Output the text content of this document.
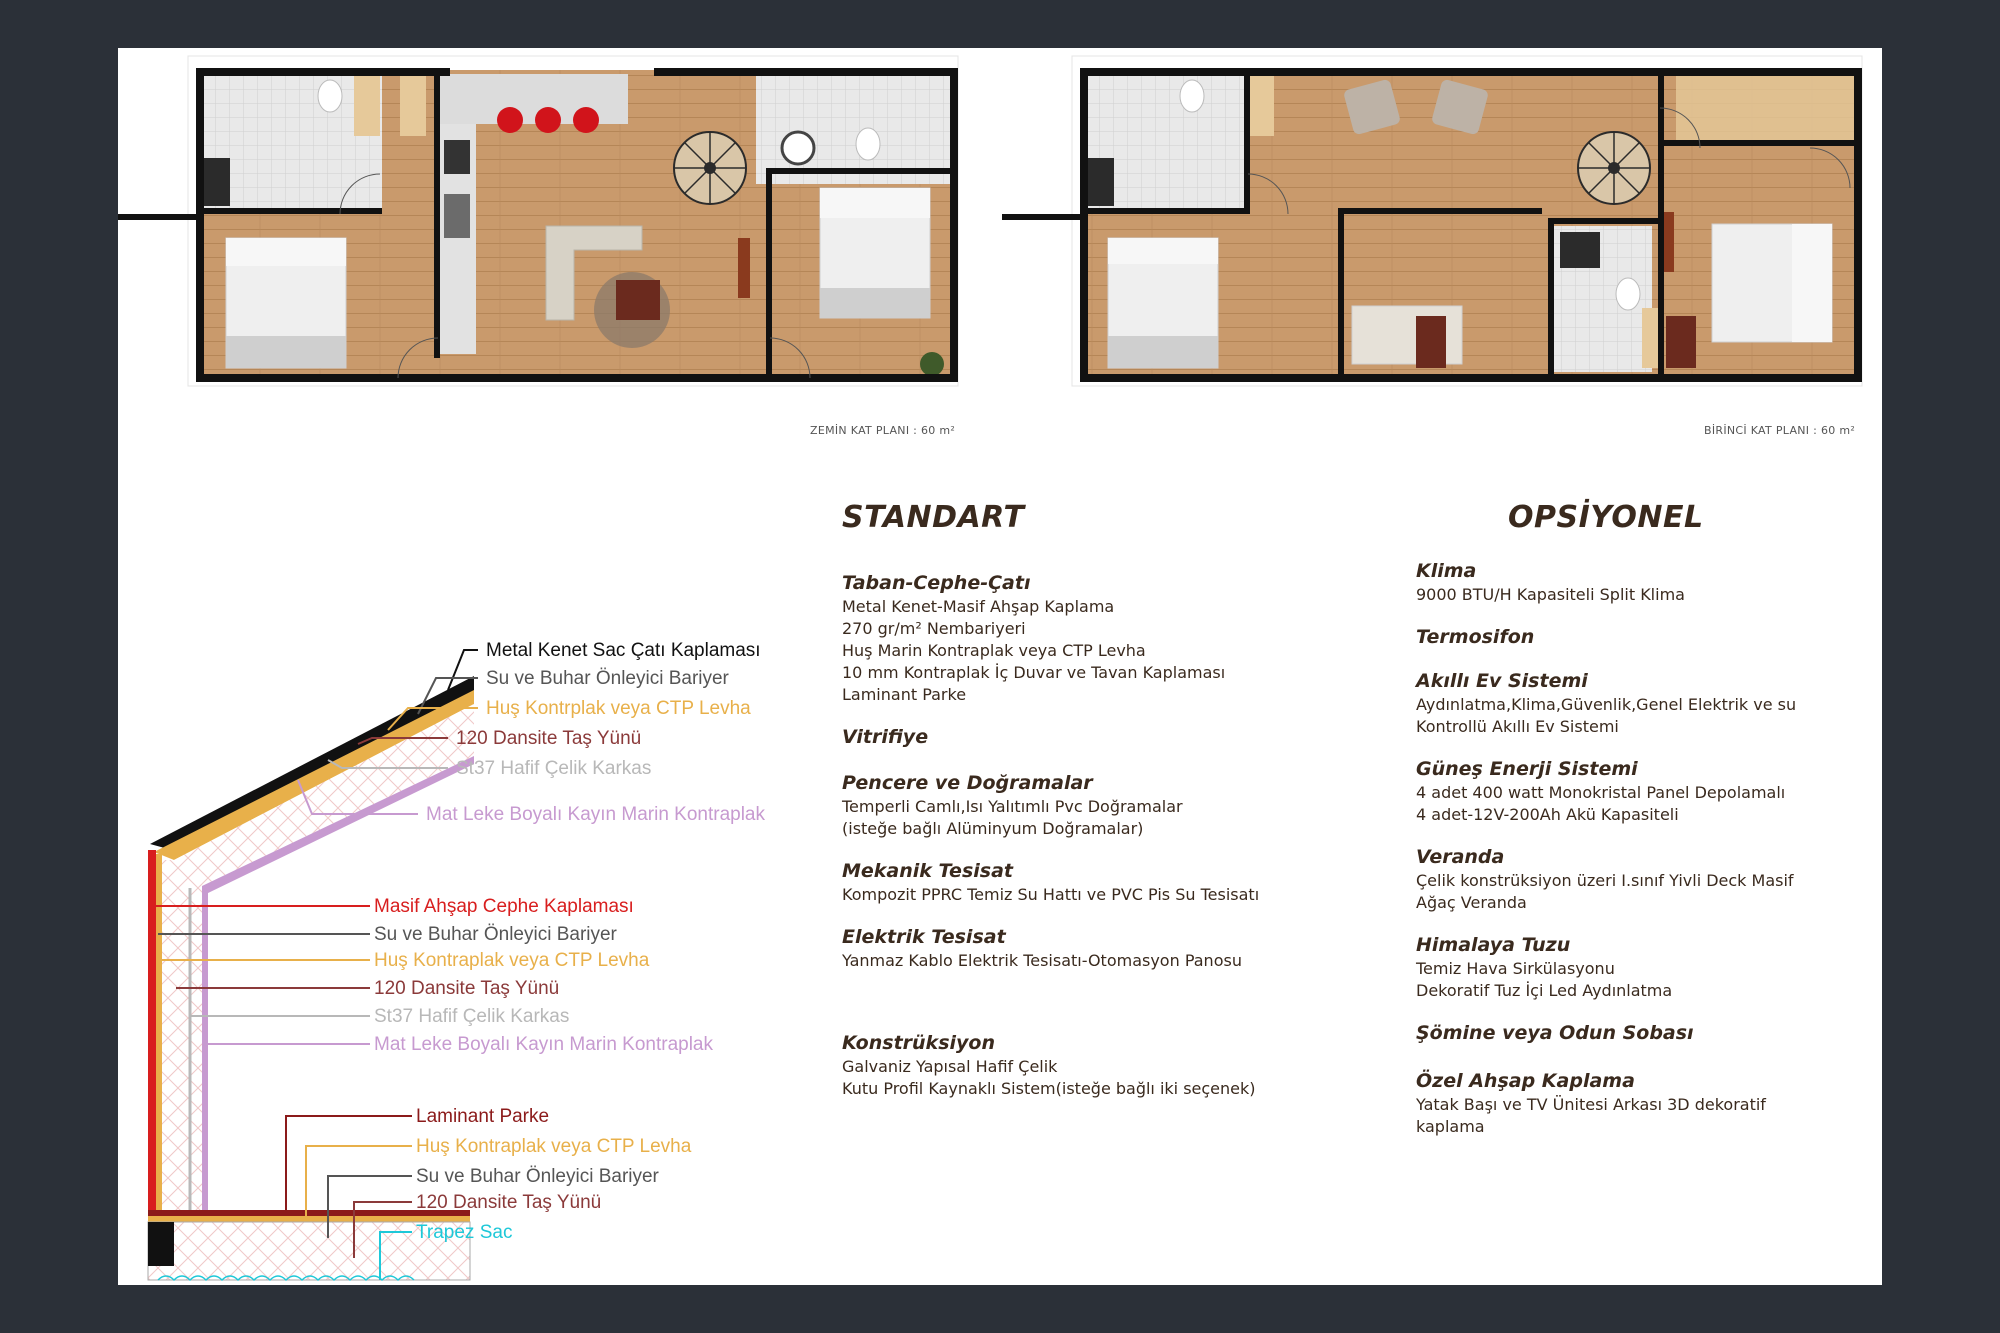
ZEMİN KAT PLANI : 60 m²	BİRİNCİ KAT PLANI : 60 m²
Metal Kenet Sac Çatı Kaplaması
Su ve Buhar Önleyici Bariyer
Huş Kontrplak veya CTP Levha
120 Dansite Taş Yünü
St37 Hafif Çelik Karkas
Mat Leke Boyalı Kayın Marin Kontraplak
Masif Ahşap Cephe Kaplaması
Su ve Buhar Önleyici Bariyer
Huş Kontraplak veya CTP Levha
120 Dansite Taş Yünü
St37 Hafif Çelik Karkas
Mat Leke Boyalı Kayın Marin Kontraplak
Laminant Parke
Huş Kontraplak veya CTP Levha
Su ve Buhar Önleyici Bariyer
120 Dansite Taş Yünü
Trapez Sac
STANDART
Taban-Cephe-Çatı
Metal Kenet-Masif Ahşap Kaplama
270 gr/m² Nembariyeri
Huş Marin Kontraplak veya CTP Levha
10 mm Kontraplak İç Duvar ve Tavan Kaplaması
Laminant Parke
Vitrifiye
Pencere ve Doğramalar
Temperli Camlı,Isı Yalıtımlı Pvc Doğramalar
(isteğe bağlı Alüminyum Doğramalar)
Mekanik Tesisat
Kompozit PPRC Temiz Su Hattı ve PVC Pis Su Tesisatı
Elektrik Tesisat
Yanmaz Kablo Elektrik Tesisatı-Otomasyon Panosu
Konstrüksiyon
Galvaniz Yapısal Hafif Çelik
Kutu Profil Kaynaklı Sistem(isteğe bağlı iki seçenek)
OPSİYONEL
Klima
9000 BTU/H Kapasiteli Split Klima
Termosifon
Akıllı Ev Sistemi
Aydınlatma,Klima,Güvenlik,Genel Elektrik ve su
Kontrollü Akıllı Ev Sistemi
Güneş Enerji Sistemi
4 adet 400 watt Monokristal Panel Depolamalı
4 adet-12V-200Ah Akü Kapasiteli
Veranda
Çelik konstrüksiyon üzeri I.sınıf Yivli Deck Masif
Ağaç Veranda
Himalaya Tuzu
Temiz Hava Sirkülasyonu
Dekoratif Tuz İçi Led Aydınlatma
Şömine veya Odun Sobası
Özel Ahşap Kaplama
Yatak Başı ve TV Ünitesi Arkası 3D dekoratif
kaplama
